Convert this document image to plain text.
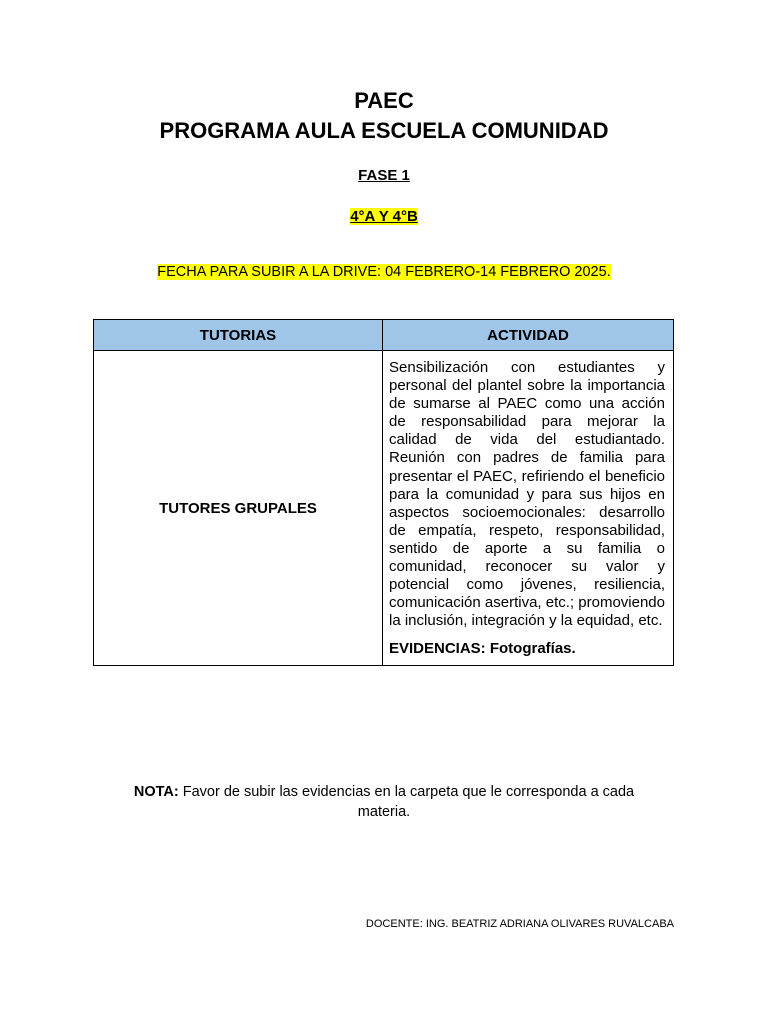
PAEC
PROGRAMA AULA ESCUELA COMUNIDAD
FASE 1
4°A Y 4°B
FECHA PARA SUBIR A LA DRIVE: 04 FEBRERO-14 FEBRERO 2025.
TUTORIAS	ACTIVIDAD
TUTORES GRUPALES	Sensibilización con estudiantes y personal del plantel sobre la importancia de sumarse al PAEC como una acción de responsabilidad para mejorar la calidad de vida del estudiantado. Reunión con padres de familia para presentar el PAEC, refiriendo el beneficio para la comunidad y para sus hijos en aspectos socioemocionales: desarrollo de empatía, respeto, responsabilidad, sentido de aporte a su familia o comunidad, reconocer su valor y potencial como jóvenes, resiliencia, comunicación asertiva, etc.; promoviendo la inclusión, integración y la equidad, etc.

EVIDENCIAS: Fotografías.

NOTA: Favor de subir las evidencias en la carpeta que le corresponda a cada materia.
DOCENTE: ING. BEATRIZ ADRIANA OLIVARES RUVALCABA
